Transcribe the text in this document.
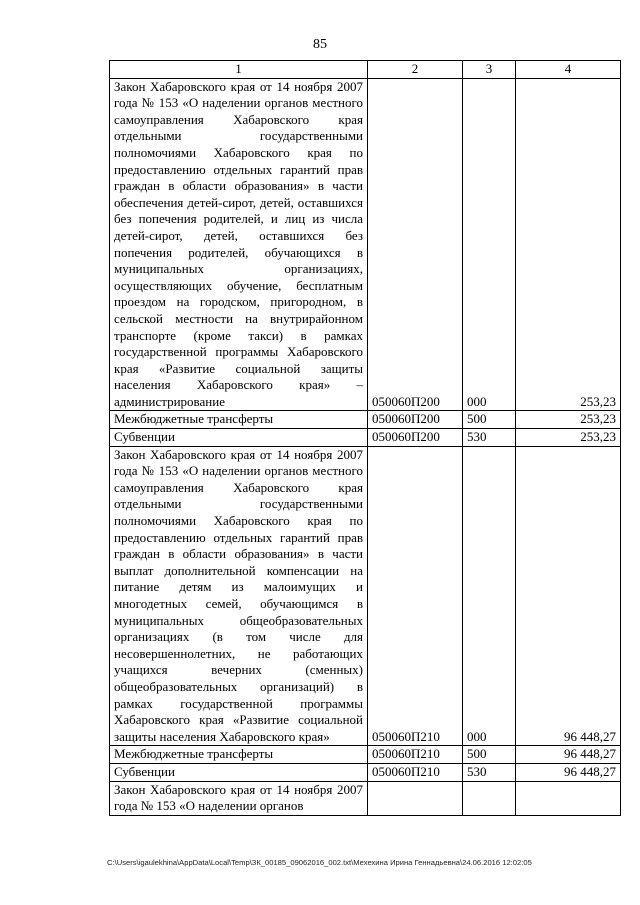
85
1	2	3	4
Закон Хабаровского края от 14 ноября 2007 года № 153 «О наделении органов местного самоуправления Хабаровского края отдельными государственными полномочиями Хабаровского края по предоставлению отдельных гарантий прав граждан в области образования» в части обеспечения детей-сирот, детей, оставшихся без попечения родителей, и лиц из числа детей-сирот, детей, оставшихся без попечения родителей, обучающихся в муниципальных организациях, осуществляющих обучение, бесплатным проездом на городском, пригородном, в сельской местности на внутрирайонном транспорте (кроме такси) в рамках государственной программы Хабаровского края «Развитие социальной защиты населения Хабаровского края» – администрирование	050060П200	000	253,23
Межбюджетные трансферты	050060П200	500	253,23
Субвенции	050060П200	530	253,23
Закон Хабаровского края от 14 ноября 2007 года № 153 «О наделении органов местного самоуправления Хабаровского края отдельными государственными полномочиями Хабаровского края по предоставлению отдельных гарантий прав граждан в области образования» в части выплат дополнительной компенсации на питание детям из малоимущих и многодетных семей, обучающимся в муниципальных общеобразовательных организациях (в том числе для несовершеннолетних, не работающих учащихся вечерних (сменных) общеобразовательных организаций) в рамках государственной программы Хабаровского края «Развитие социальной защиты населения Хабаровского края»	050060П210	000	96 448,27
Межбюджетные трансферты	050060П210	500	96 448,27
Субвенции	050060П210	530	96 448,27
Закон Хабаровского края от 14 ноября 2007 года № 153 «О наделении органов			
C:\Users\igaulekhina\AppData\Local\Temp\ЗК_00185_09062016_002.txt\Мехехина Ирина Геннадьевна\24.06.2016 12:02:05
